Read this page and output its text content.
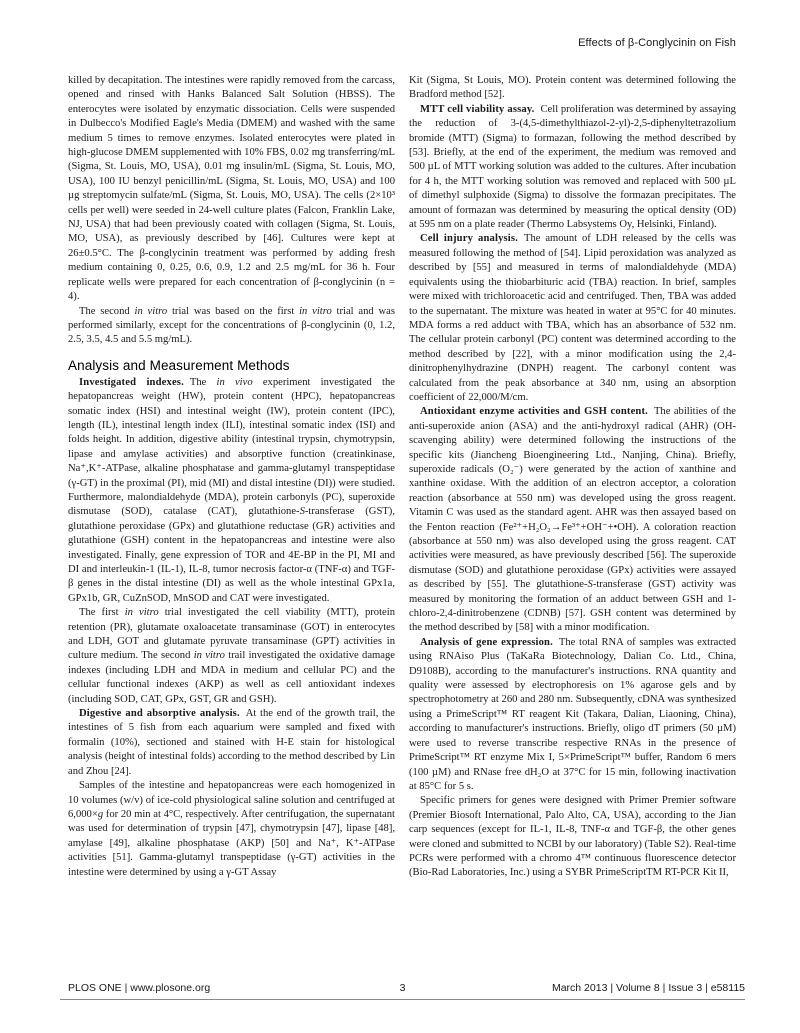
Effects of β-Conglycinin on Fish

killed by decapitation. The intestines were rapidly removed from the carcass, opened and rinsed with Hanks Balanced Salt Solution (HBSS). The enterocytes were isolated by enzymatic dissociation. Cells were suspended in Dulbecco's Modified Eagle's Media (DMEM) and washed with the same medium 5 times to remove enzymes. Isolated enterocytes were plated in high-glucose DMEM supplemented with 10% FBS, 0.02 mg transferring/mL (Sigma, St. Louis, MO, USA), 0.01 mg insulin/mL (Sigma, St. Louis, MO, USA), 100 IU benzyl penicillin/mL (Sigma, St. Louis, MO, USA) and 100 µg streptomycin sulfate/mL (Sigma, St. Louis, MO, USA). The cells (2×10³ cells per well) were seeded in 24-well culture plates (Falcon, Franklin Lake, NJ, USA) that had been previously coated with collagen (Sigma, St. Louis, MO, USA), as previously described by [46]. Cultures were kept at 26±0.5°C. The β-conglycinin treatment was performed by adding fresh medium containing 0, 0.25, 0.6, 0.9, 1.2 and 2.5 mg/mL for 36 h. Four replicate wells were prepared for each concentration of β-conglycinin (n = 4).

The second in vitro trial was based on the first in vitro trial and was performed similarly, except for the concentrations of β-conglycinin (0, 1.2, 2.5, 3.5, 4.5 and 5.5 mg/mL).

Analysis and Measurement Methods

Investigated indexes. The in vivo experiment investigated the hepatopancreas weight (HW), protein content (HPC), hepatopancreas somatic index (HSI) and intestinal weight (IW), protein content (IPC), length (IL), intestinal length index (ILI), intestinal somatic index (ISI) and folds height. In addition, digestive ability (intestinal trypsin, chymotrypsin, lipase and amylase activities) and absorptive function (creatinkinase, Na⁺,K⁺-ATPase, alkaline phosphatase and gamma-glutamyl transpeptidase (γ-GT) in the proximal (PI), mid (MI) and distal intestine (DI)) were studied. Furthermore, malondialdehyde (MDA), protein carbonyls (PC), superoxide dismutase (SOD), catalase (CAT), glutathione-S-transferase (GST), glutathione peroxidase (GPx) and glutathione reductase (GR) activities and glutathione (GSH) content in the hepatopancreas and intestine were also investigated. Finally, gene expression of TOR and 4E-BP in the PI, MI and DI and interleukin-1 (IL-1), IL-8, tumor necrosis factor-α (TNF-α) and TGF-β genes in the distal intestine (DI) as well as the whole intestinal GPx1a, GPx1b, GR, CuZnSOD, MnSOD and CAT were investigated.

The first in vitro trial investigated the cell viability (MTT), protein retention (PR), glutamate oxaloacetate transaminase (GOT) in enterocytes and LDH, GOT and glutamate pyruvate transaminase (GPT) activities in culture medium. The second in vitro trail investigated the oxidative damage indexes (including LDH and MDA in medium and cellular PC) and the cellular functional indexes (AKP) as well as cell antioxidant indexes (including SOD, CAT, GPx, GST, GR and GSH).

Digestive and absorptive analysis. At the end of the growth trail, the intestines of 5 fish from each aquarium were sampled and fixed with formalin (10%), sectioned and stained with H-E stain for histological analysis (height of intestinal folds) according to the method described by Lin and Zhou [24].

Samples of the intestine and hepatopancreas were each homogenized in 10 volumes (w/v) of ice-cold physiological saline solution and centrifuged at 6,000×g for 20 min at 4°C, respectively. After centrifugation, the supernatant was used for determination of trypsin [47], chymotrypsin [47], lipase [48], amylase [49], alkaline phosphatase (AKP) [50] and Na⁺, K⁺-ATPase activities [51]. Gamma-glutamyl transpeptidase (γ-GT) activities in the intestine were determined by using a γ-GT Assay

Kit (Sigma, St Louis, MO). Protein content was determined following the Bradford method [52].

MTT cell viability assay. Cell proliferation was determined by assaying the reduction of 3-(4,5-dimethylthiazol-2-yl)-2,5-diphenyltetrazolium bromide (MTT) (Sigma) to formazan, following the method described by [53]. Briefly, at the end of the experiment, the medium was removed and 500 µL of MTT working solution was added to the cultures. After incubation for 4 h, the MTT working solution was removed and replaced with 500 µL of dimethyl sulphoxide (Sigma) to dissolve the formazan precipitates. The amount of formazan was determined by measuring the optical density (OD) at 595 nm on a plate reader (Thermo Labsystems Oy, Helsinki, Finland).

Cell injury analysis. The amount of LDH released by the cells was measured following the method of [54]. Lipid peroxidation was analyzed as described by [55] and measured in terms of malondialdehyde (MDA) equivalents using the thiobarbituric acid (TBA) reaction. In brief, samples were mixed with trichloroacetic acid and centrifuged. Then, TBA was added to the supernatant. The mixture was heated in water at 95°C for 40 minutes. MDA forms a red adduct with TBA, which has an absorbance of 532 nm. The cellular protein carbonyl (PC) content was determined according to the method described by [22], with a minor modification using the 2,4-dinitrophenylhydrazine (DNPH) reagent. The carbonyl content was calculated from the peak absorbance at 340 nm, using an absorption coefficient of 22,000/M/cm.

Antioxidant enzyme activities and GSH content. The abilities of the anti-superoxide anion (ASA) and the anti-hydroxyl radical (AHR) (OH-scavenging ability) were determined following the instructions of the specific kits (Jiancheng Bioengineering Ltd., Nanjing, China). Briefly, superoxide radicals (O₂⁻) were generated by the action of xanthine and xanthine oxidase. With the addition of an electron acceptor, a coloration reaction (absorbance at 550 nm) was developed using the gross reagent. Vitamin C was used as the standard agent. AHR was then assayed based on the Fenton reaction (Fe²⁺+H₂O₂→Fe³⁺+OH⁻+•OH). A coloration reaction (absorbance at 550 nm) was also developed using the gross reagent. CAT activities were measured, as have previously described [56]. The superoxide dismutase (SOD) and glutathione peroxidase (GPx) activities were assayed as described by [55]. The glutathione-S-transferase (GST) activity was measured by monitoring the formation of an adduct between GSH and 1-chloro-2,4-dinitrobenzene (CDNB) [57]. GSH content was determined by the method described by [58] with a minor modification.

Analysis of gene expression. The total RNA of samples was extracted using RNAiso Plus (TaKaRa Biotechnology, Dalian Co. Ltd., China, D9108B), according to the manufacturer's instructions. RNA quantity and quality were assessed by electrophoresis on 1% agarose gels and by spectrophotometry at 260 and 280 nm. Subsequently, cDNA was synthesized using a PrimeScript™ RT reagent Kit (Takara, Dalian, Liaoning, China), according to manufacturer's instructions. Briefly, oligo dT primers (50 µM) were used to reverse transcribe respective RNAs in the presence of PrimeScript™ RT enzyme Mix I, 5×PrimeScript™ buffer, Random 6 mers (100 µM) and RNase free dH₂O at 37°C for 15 min, following inactivation at 85°C for 5 s.

Specific primers for genes were designed with Primer Premier software (Premier Biosoft International, Palo Alto, CA, USA), according to the Jian carp sequences (except for IL-1, IL-8, TNF-α and TGF-β, the other genes were cloned and submitted to NCBI by our laboratory) (Table S2). Real-time PCRs were performed with a chromo 4™ continuous fluorescence detector (Bio-Rad Laboratories, Inc.) using a SYBR PrimeScriptTM RT-PCR Kit II,

PLOS ONE | www.plosone.org	3	March 2013 | Volume 8 | Issue 3 | e58115
